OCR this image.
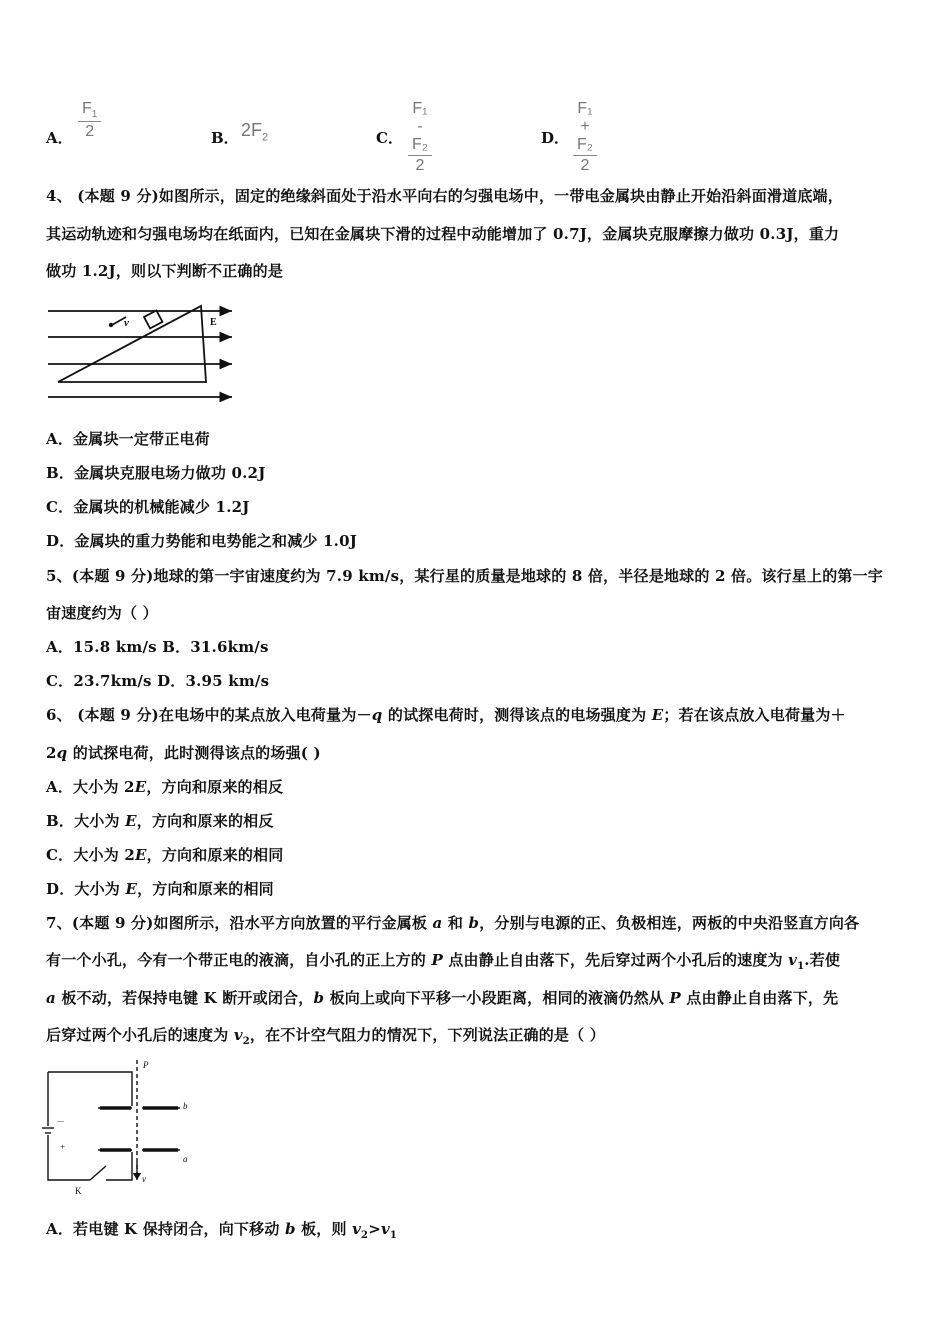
A．
$F_1$
2	B． $2F_2$	C．
F₁ - F₂
2
D．
F₁ + F₂
2
4、 (本题 9 分)如图所示，固定的绝缘斜面处于沿水平向右的匀强电场中，一带电金属块由静止开始沿斜面滑道底端，
其运动轨迹和匀强电场均在纸面内，已知在金属块下滑的过程中动能增加了 0.7J，金属块克服摩擦力做功 0.3J，重力
做功 1.2J，则以下判断不正确的是
v	E
A．金属块一定带正电荷
B．金属块克服电场力做功 0.2J
C．金属块的机械能减少 1.2J
D．金属块的重力势能和电势能之和减少 1.0J
5、(本题 9 分)地球的第一宇宙速度约为 7.9 km/s，某行星的质量是地球的 8 倍，半径是地球的 2 倍。该行星上的第一宇
宙速度约为（ ）
A．15.8 km/s B．31.6km/s
C．23.7km/s D．3.95 km/s
6、 (本题 9 分)在电场中的某点放入电荷量为－q 的试探电荷时，测得该点的电场强度为 E；若在该点放入电荷量为＋
2q 的试探电荷，此时测得该点的场强( )
A．大小为 2E，方向和原来的相反
B．大小为 E，方向和原来的相反
C．大小为 2E，方向和原来的相同
D．大小为 E，方向和原来的相同
7、(本题 9 分)如图所示，沿水平方向放置的平行金属板 a 和 b，分别与电源的正、负极相连，两板的中央沿竖直方向各
有一个小孔，今有一个带正电的液滴，自小孔的正上方的 P 点由静止自由落下，先后穿过两个小孔后的速度为 $v_1$.若使
a 板不动，若保持电键 K 断开或闭合，b 板向上或向下平移一小段距离，相同的液滴仍然从 P 点由静止自由落下，先
后穿过两个小孔后的速度为 $v_2$，在不计空气阻力的情况下，下列说法正确的是（ ）
P
b
a
v
K
－
+
A．若电键 K 保持闭合，向下移动 b 板，则 $v_2>v_1$
